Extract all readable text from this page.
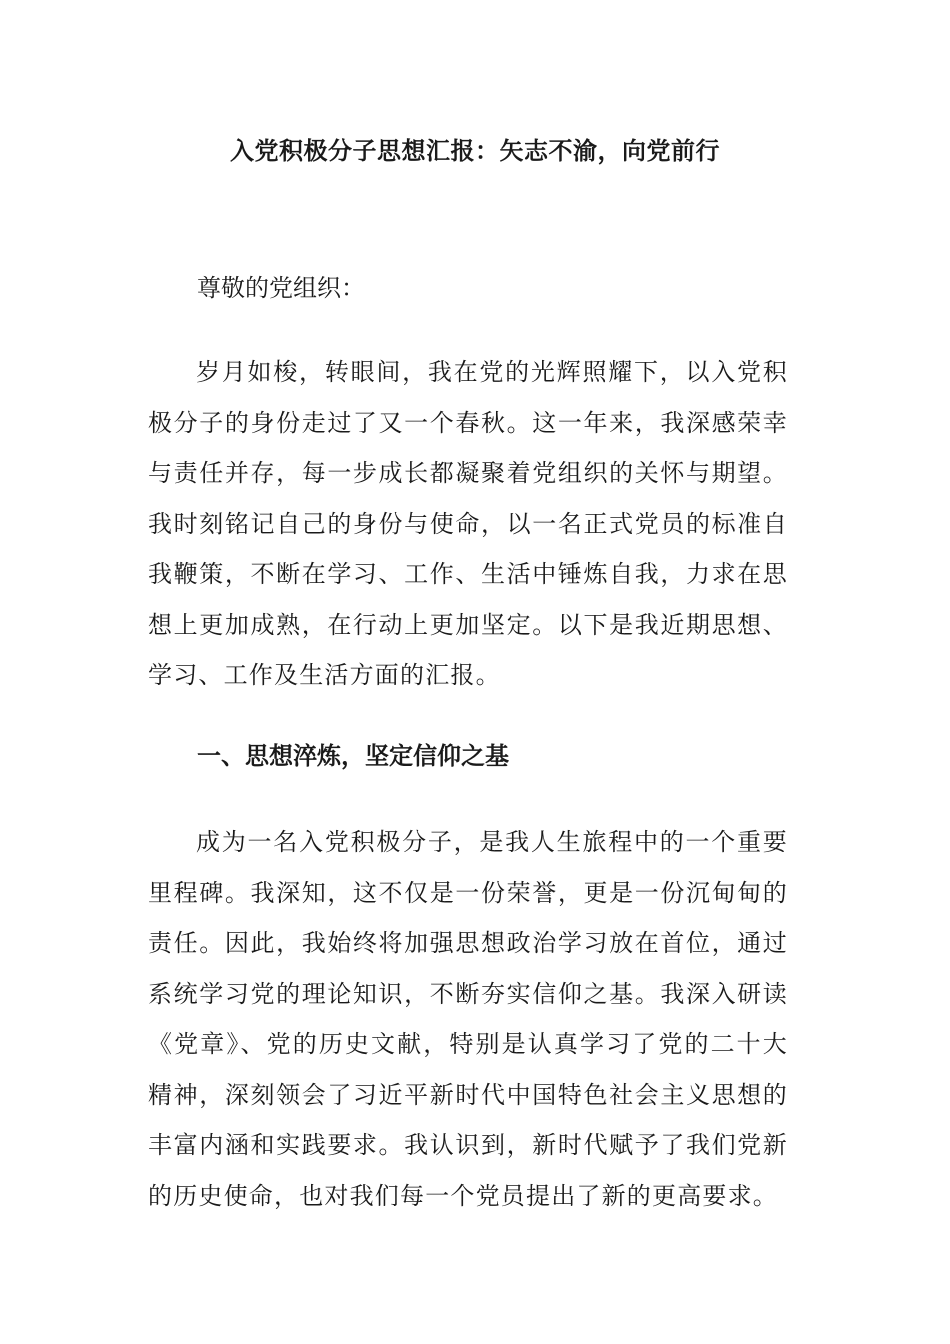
入党积极分子思想汇报：矢志不渝，向党前行

尊敬的党组织：

岁月如梭，转眼间，我在党的光辉照耀下，以入党积极分子的身份走过了又一个春秋。这一年来，我深感荣幸与责任并存，每一步成长都凝聚着党组织的关怀与期望。我时刻铭记自己的身份与使命，以一名正式党员的标准自我鞭策，不断在学习、工作、生活中锤炼自我，力求在思想上更加成熟，在行动上更加坚定。以下是我近期思想、学习、工作及生活方面的汇报。

一、思想淬炼，坚定信仰之基

成为一名入党积极分子，是我人生旅程中的一个重要里程碑。我深知，这不仅是一份荣誉，更是一份沉甸甸的责任。因此，我始终将加强思想政治学习放在首位，通过系统学习党的理论知识，不断夯实信仰之基。我深入研读《党章》、党的历史文献，特别是认真学习了党的二十大精神，深刻领会了习近平新时代中国特色社会主义思想的丰富内涵和实践要求。我认识到，新时代赋予了我们党新的历史使命，也对我们每一个党员提出了新的更高要求。
